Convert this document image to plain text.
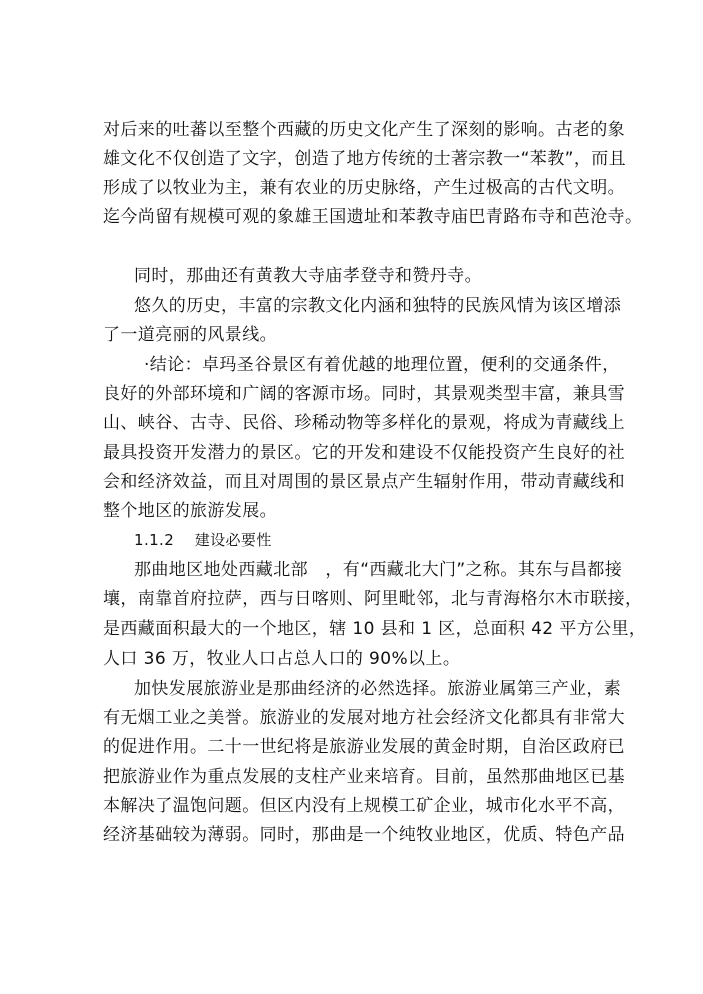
对后来的吐蕃以至整个西藏的历史文化产生了深刻的影响。古老的象
雄文化不仅创造了文字，创造了地方传统的士著宗教一“苯教”，而且
形成了以牧业为主，兼有农业的历史脉络，产生过极高的古代文明。
迄今尚留有规模可观的象雄王国遗址和苯教寺庙巴青路布寺和芭沧寺。
同时，那曲还有黄教大寺庙孝登寺和赞丹寺。
悠久的历史，丰富的宗教文化内涵和独特的民族风情为该区增添
了一道亮丽的风景线。
·结论：卓玛圣谷景区有着优越的地理位置，便利的交通条件，
良好的外部环境和广阔的客源市场。同时，其景观类型丰富，兼具雪
山、峡谷、古寺、民俗、珍稀动物等多样化的景观，将成为青藏线上
最具投资开发潜力的景区。它的开发和建设不仅能投资产生良好的社
会和经济效益，而且对周围的景区景点产生辐射作用，带动青藏线和
整个地区的旅游发展。
1.1.2　 建设必要性
那曲地区地处西藏北部　，有“西藏北大门”之称。其东与昌都接
壤，南靠首府拉萨，西与日喀则、阿里毗邻，北与青海格尔木市联接，
是西藏面积最大的一个地区，辖 10 县和 1 区，总面积 42 平方公里，
人口 36 万，牧业人口占总人口的 90%以上。
加快发展旅游业是那曲经济的必然选择。旅游业属第三产业，素
有无烟工业之美誉。旅游业的发展对地方社会经济文化都具有非常大
的促进作用。二十一世纪将是旅游业发展的黄金时期，自治区政府已
把旅游业作为重点发展的支柱产业来培育。目前，虽然那曲地区已基
本解决了温饱问题。但区内没有上规模工矿企业，城市化水平不高，
经济基础较为薄弱。同时，那曲是一个纯牧业地区，优质、特色产品
